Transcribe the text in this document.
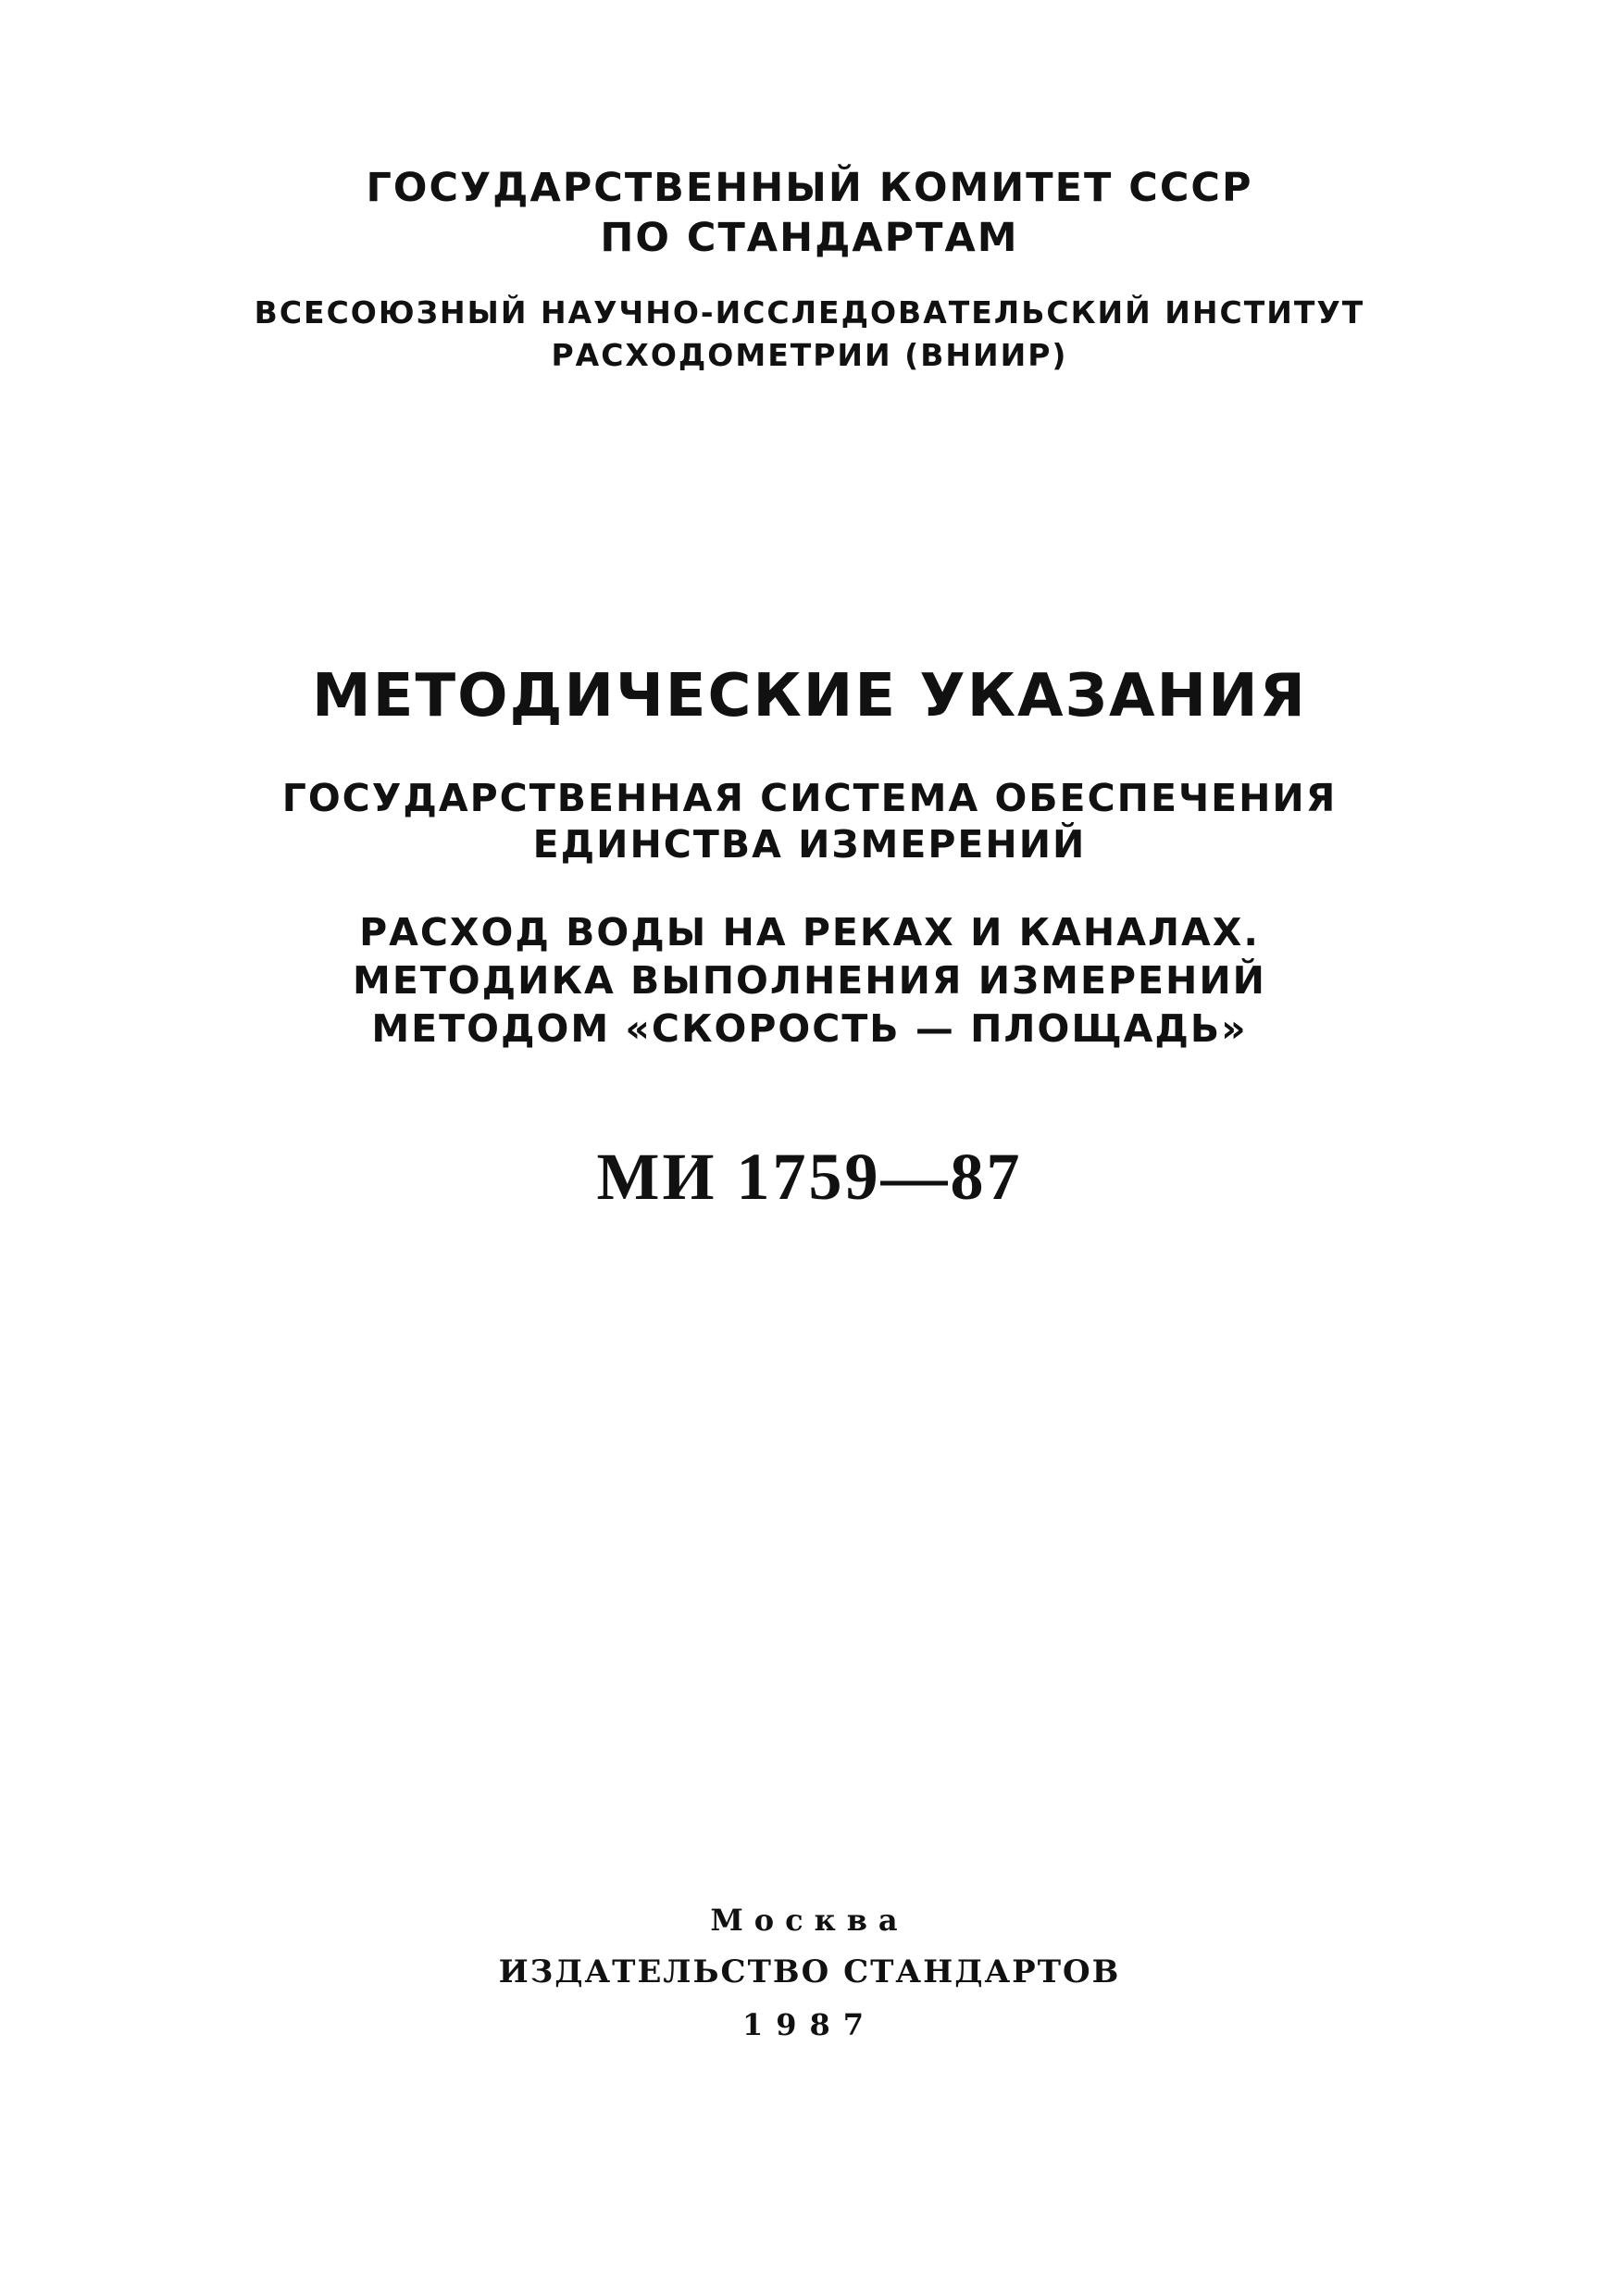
ГОСУДАРСТВЕННЫЙ КОМИТЕТ СССР
ПО СТАНДАРТАМ
ВСЕСОЮЗНЫЙ НАУЧНО-ИССЛЕДОВАТЕЛЬСКИЙ ИНСТИТУТ
РАСХОДОМЕТРИИ (ВНИИР)
МЕТОДИЧЕСКИЕ УКАЗАНИЯ
ГОСУДАРСТВЕННАЯ СИСТЕМА ОБЕСПЕЧЕНИЯ
ЕДИНСТВА ИЗМЕРЕНИЙ
РАСХОД ВОДЫ НА РЕКАХ И КАНАЛАХ.
МЕТОДИКА ВЫПОЛНЕНИЯ ИЗМЕРЕНИЙ
МЕТОДОМ «СКОРОСТЬ — ПЛОЩАДЬ»
МИ 1759—87
Москва
ИЗДАТЕЛЬСТВО СТАНДАРТОВ
1987
